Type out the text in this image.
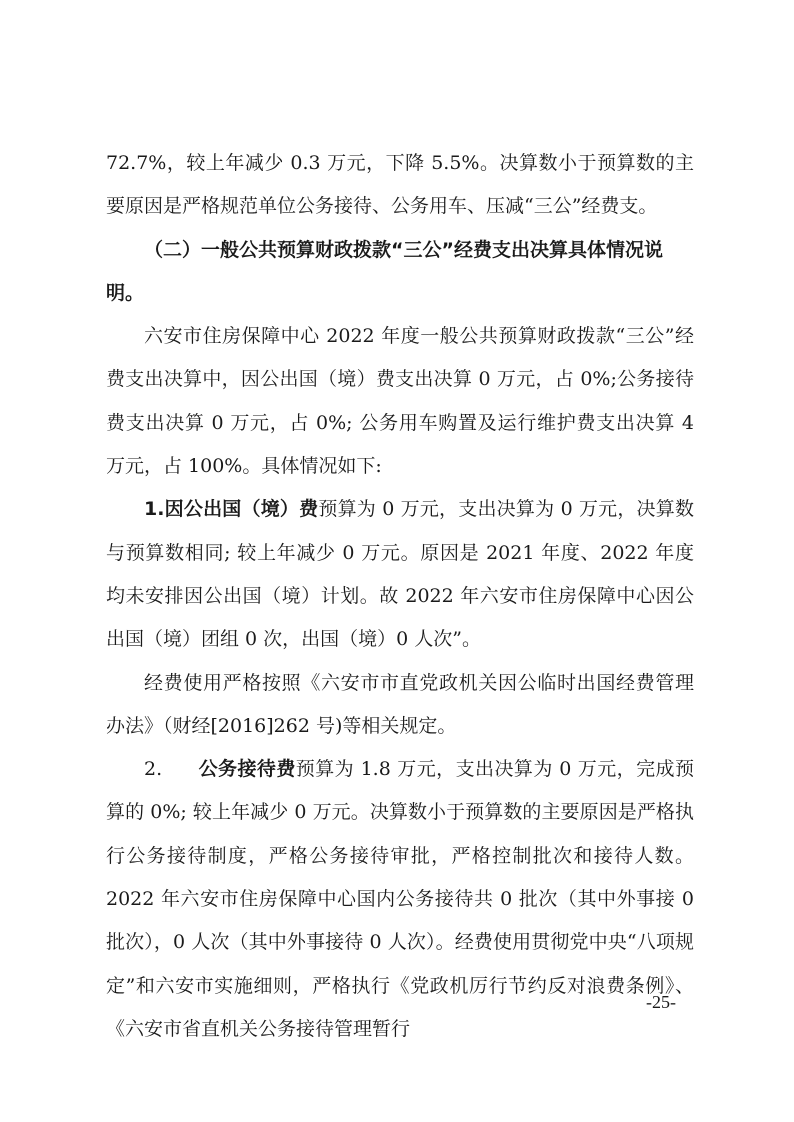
72.7%，较上年减少 0.3 万元，下降 5.5%。决算数小于预算数的主要原因是严格规范单位公务接待、公务用车、压减“三公”经费支。

（二）一般公共预算财政拨款“三公”经费支出决算具体情况说明。

六安市住房保障中心 2022 年度一般公共预算财政拨款“三公”经费支出决算中，因公出国（境）费支出决算 0 万元，占 0%;公务接待费支出决算 0 万元，占 0%; 公务用车购置及运行维护费支出决算 4 万元，占 100%。具体情况如下:

1.因公出国（境）费预算为 0 万元，支出决算为 0 万元，决算数与预算数相同; 较上年减少 0 万元。原因是 2021 年度、2022 年度均未安排因公出国（境）计划。故 2022 年六安市住房保障中心因公出国（境）团组 0 次，出国（境）0 人次”。

经费使用严格按照《六安市市直党政机关因公临时出国经费管理办法》（财经[2016]262 号)等相关规定。

2. 公务接待费预算为 1.8 万元，支出决算为 0 万元，完成预算的 0%; 较上年减少 0 万元。决算数小于预算数的主要原因是严格执行公务接待制度，严格公务接待审批，严格控制批次和接待人数。2022 年六安市住房保障中心国内公务接待共 0 批次（其中外事接 0 批次），0 人次（其中外事接待 0 人次）。经费使用贯彻党中央“八项规定”和六安市实施细则，严格执行《党政机厉行节约反对浪费条例》、《六安市省直机关公务接待管理暂行

-25-
